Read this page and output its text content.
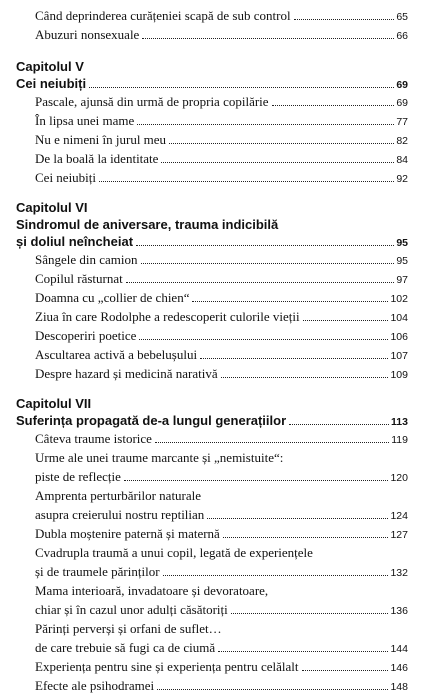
Când deprinderea curățeniei scapă de sub control	65
Abuzuri nonsexuale	66
Capitolul V
Cei neiubiți	69
Pascale, ajunsă din urmă de propria copilărie	69
În lipsa unei mame	77
Nu e nimeni în jurul meu	82
De la boală la identitate	84
Cei neiubiți	92
Capitolul VI
Sindromul de aniversare, trauma indicibilă
și doliul neîncheiat	95
Sângele din camion	95
Copilul răsturnat	97
Doamna cu „collier de chien“	102
Ziua în care Rodolphe a redescoperit culorile vieții	104
Descoperiri poetice	106
Ascultarea activă a bebelușului	107
Despre hazard și medicină narativă	109
Capitolul VII
Suferința propagată de-a lungul generațiilor	113
Câteva traume istorice	119
Urme ale unei traume marcante și „nemistuite“:
piste de reflecție	120
Amprenta perturbărilor naturale
asupra creierului nostru reptilian	124
Dubla moștenire paternă și maternă	127
Cvadrupla traumă a unui copil, legată de experiențele
și de traumele părinților	132
Mama interioară, invadatoare și devoratoare,
chiar și în cazul unor adulți căsătoriți	136
Părinți perverși și orfani de suflet…
de care trebuie să fugi ca de ciumă	144
Experiența pentru sine și experiența pentru celălalt	146
Efecte ale psihodramei	148
